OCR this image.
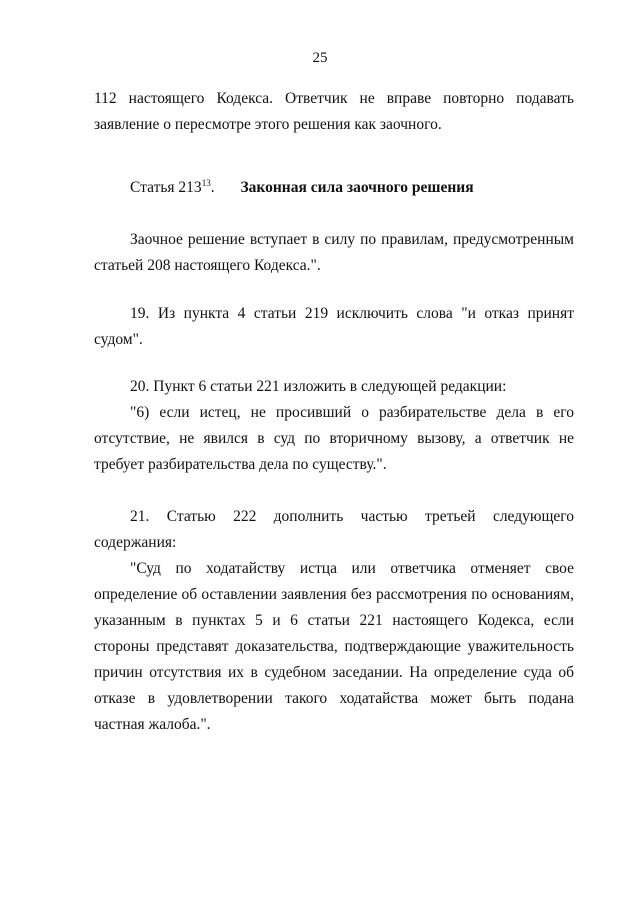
25
112 настоящего Кодекса. Ответчик не вправе повторно подавать
заявление о пересмотре этого решения как заочного.
Статья $213^{13}$. Законная сила заочного решения
Заочное решение вступает в силу по правилам, предусмотренным
статьей 208 настоящего Кодекса.".
19. Из пункта 4 статьи 219 исключить слова "и отказ принят
судом".
20. Пункт 6 статьи 221 изложить в следующей редакции:
"6) если истец, не просивший о разбирательстве дела в его
отсутствие, не явился в суд по вторичному вызову, а ответчик не
требует разбирательства дела по существу.".
21. Статью 222 дополнить частью третьей следующего
содержания:
"Суд по ходатайству истца или ответчика отменяет свое
определение об оставлении заявления без рассмотрения по основаниям,
указанным в пунктах 5 и 6 статьи 221 настоящего Кодекса, если
стороны представят доказательства, подтверждающие уважительность
причин отсутствия их в судебном заседании. На определение суда об
отказе в удовлетворении такого ходатайства может быть подана
частная жалоба.".
